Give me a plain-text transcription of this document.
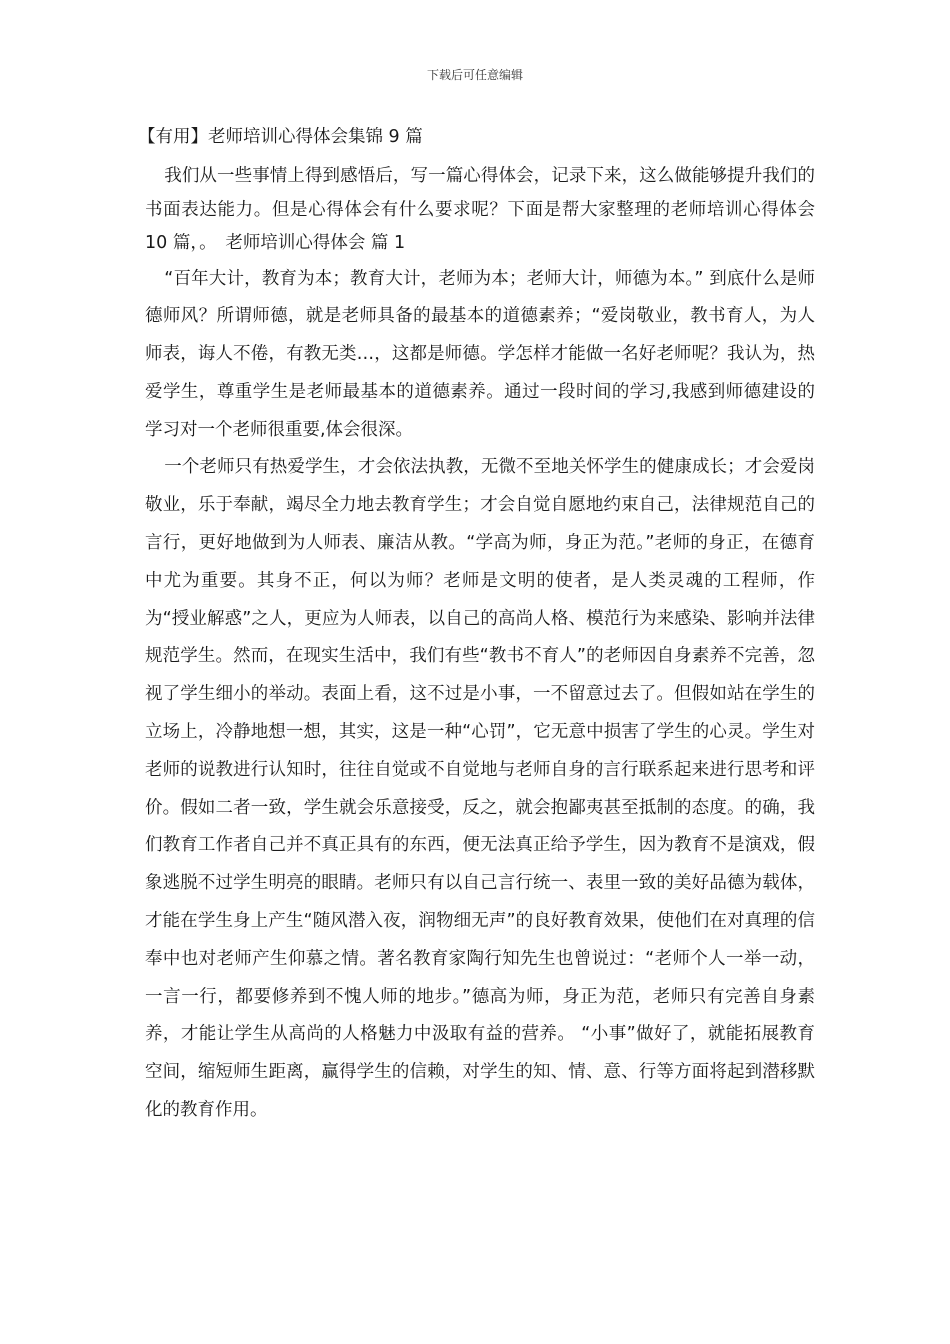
下载后可任意编辑
【有用】老师培训心得体会集锦 9 篇

我们从一些事情上得到感悟后，写一篇心得体会，记录下来，这么做能够提升我们的书面表达能力。但是心得体会有什么要求呢？下面是帮大家整理的老师培训心得体会 10 篇，。　老师培训心得体会 篇 1

“百年大计，教育为本；教育大计，老师为本；老师大计，师德为本。” 到底什么是师德师风？所谓师德，就是老师具备的最基本的道德素养；“爱岗敬业，教书育人，为人师表，诲人不倦，有教无类…，这都是师德。学怎样才能做一名好老师呢？我认为，热爱学生，尊重学生是老师最基本的道德素养。通过一段时间的学习,我感到师德建设的学习对一个老师很重要,体会很深。

一个老师只有热爱学生，才会依法执教，无微不至地关怀学生的健康成长；才会爱岗敬业，乐于奉献，竭尽全力地去教育学生；才会自觉自愿地约束自己，法律规范自己的言行，更好地做到为人师表、廉洁从教。“学高为师，身正为范。”老师的身正，在德育中尤为重要。其身不正，何以为师？老师是文明的使者，是人类灵魂的工程师，作为“授业解惑”之人，更应为人师表，以自己的高尚人格、模范行为来感染、影响并法律规范学生。然而，在现实生活中，我们有些“教书不育人”的老师因自身素养不完善，忽视了学生细小的举动。表面上看，这不过是小事，一不留意过去了。但假如站在学生的立场上，冷静地想一想，其实，这是一种“心罚”，它无意中损害了学生的心灵。学生对老师的说教进行认知时，往往自觉或不自觉地与老师自身的言行联系起来进行思考和评价。假如二者一致，学生就会乐意接受，反之，就会抱鄙夷甚至抵制的态度。的确，我们教育工作者自己并不真正具有的东西，便无法真正给予学生，因为教育不是演戏，假象逃脱不过学生明亮的眼睛。老师只有以自己言行统一、表里一致的美好品德为载体，才能在学生身上产生“随风潜入夜，润物细无声”的良好教育效果，使他们在对真理的信奉中也对老师产生仰慕之情。著名教育家陶行知先生也曾说过：“老师个人一举一动，一言一行，都要修养到不愧人师的地步。”德高为师，身正为范，老师只有完善自身素养，才能让学生从高尚的人格魅力中汲取有益的营养。 “小事”做好了，就能拓展教育空间，缩短师生距离，赢得学生的信赖，对学生的知、情、意、行等方面将起到潜移默化的教育作用。
